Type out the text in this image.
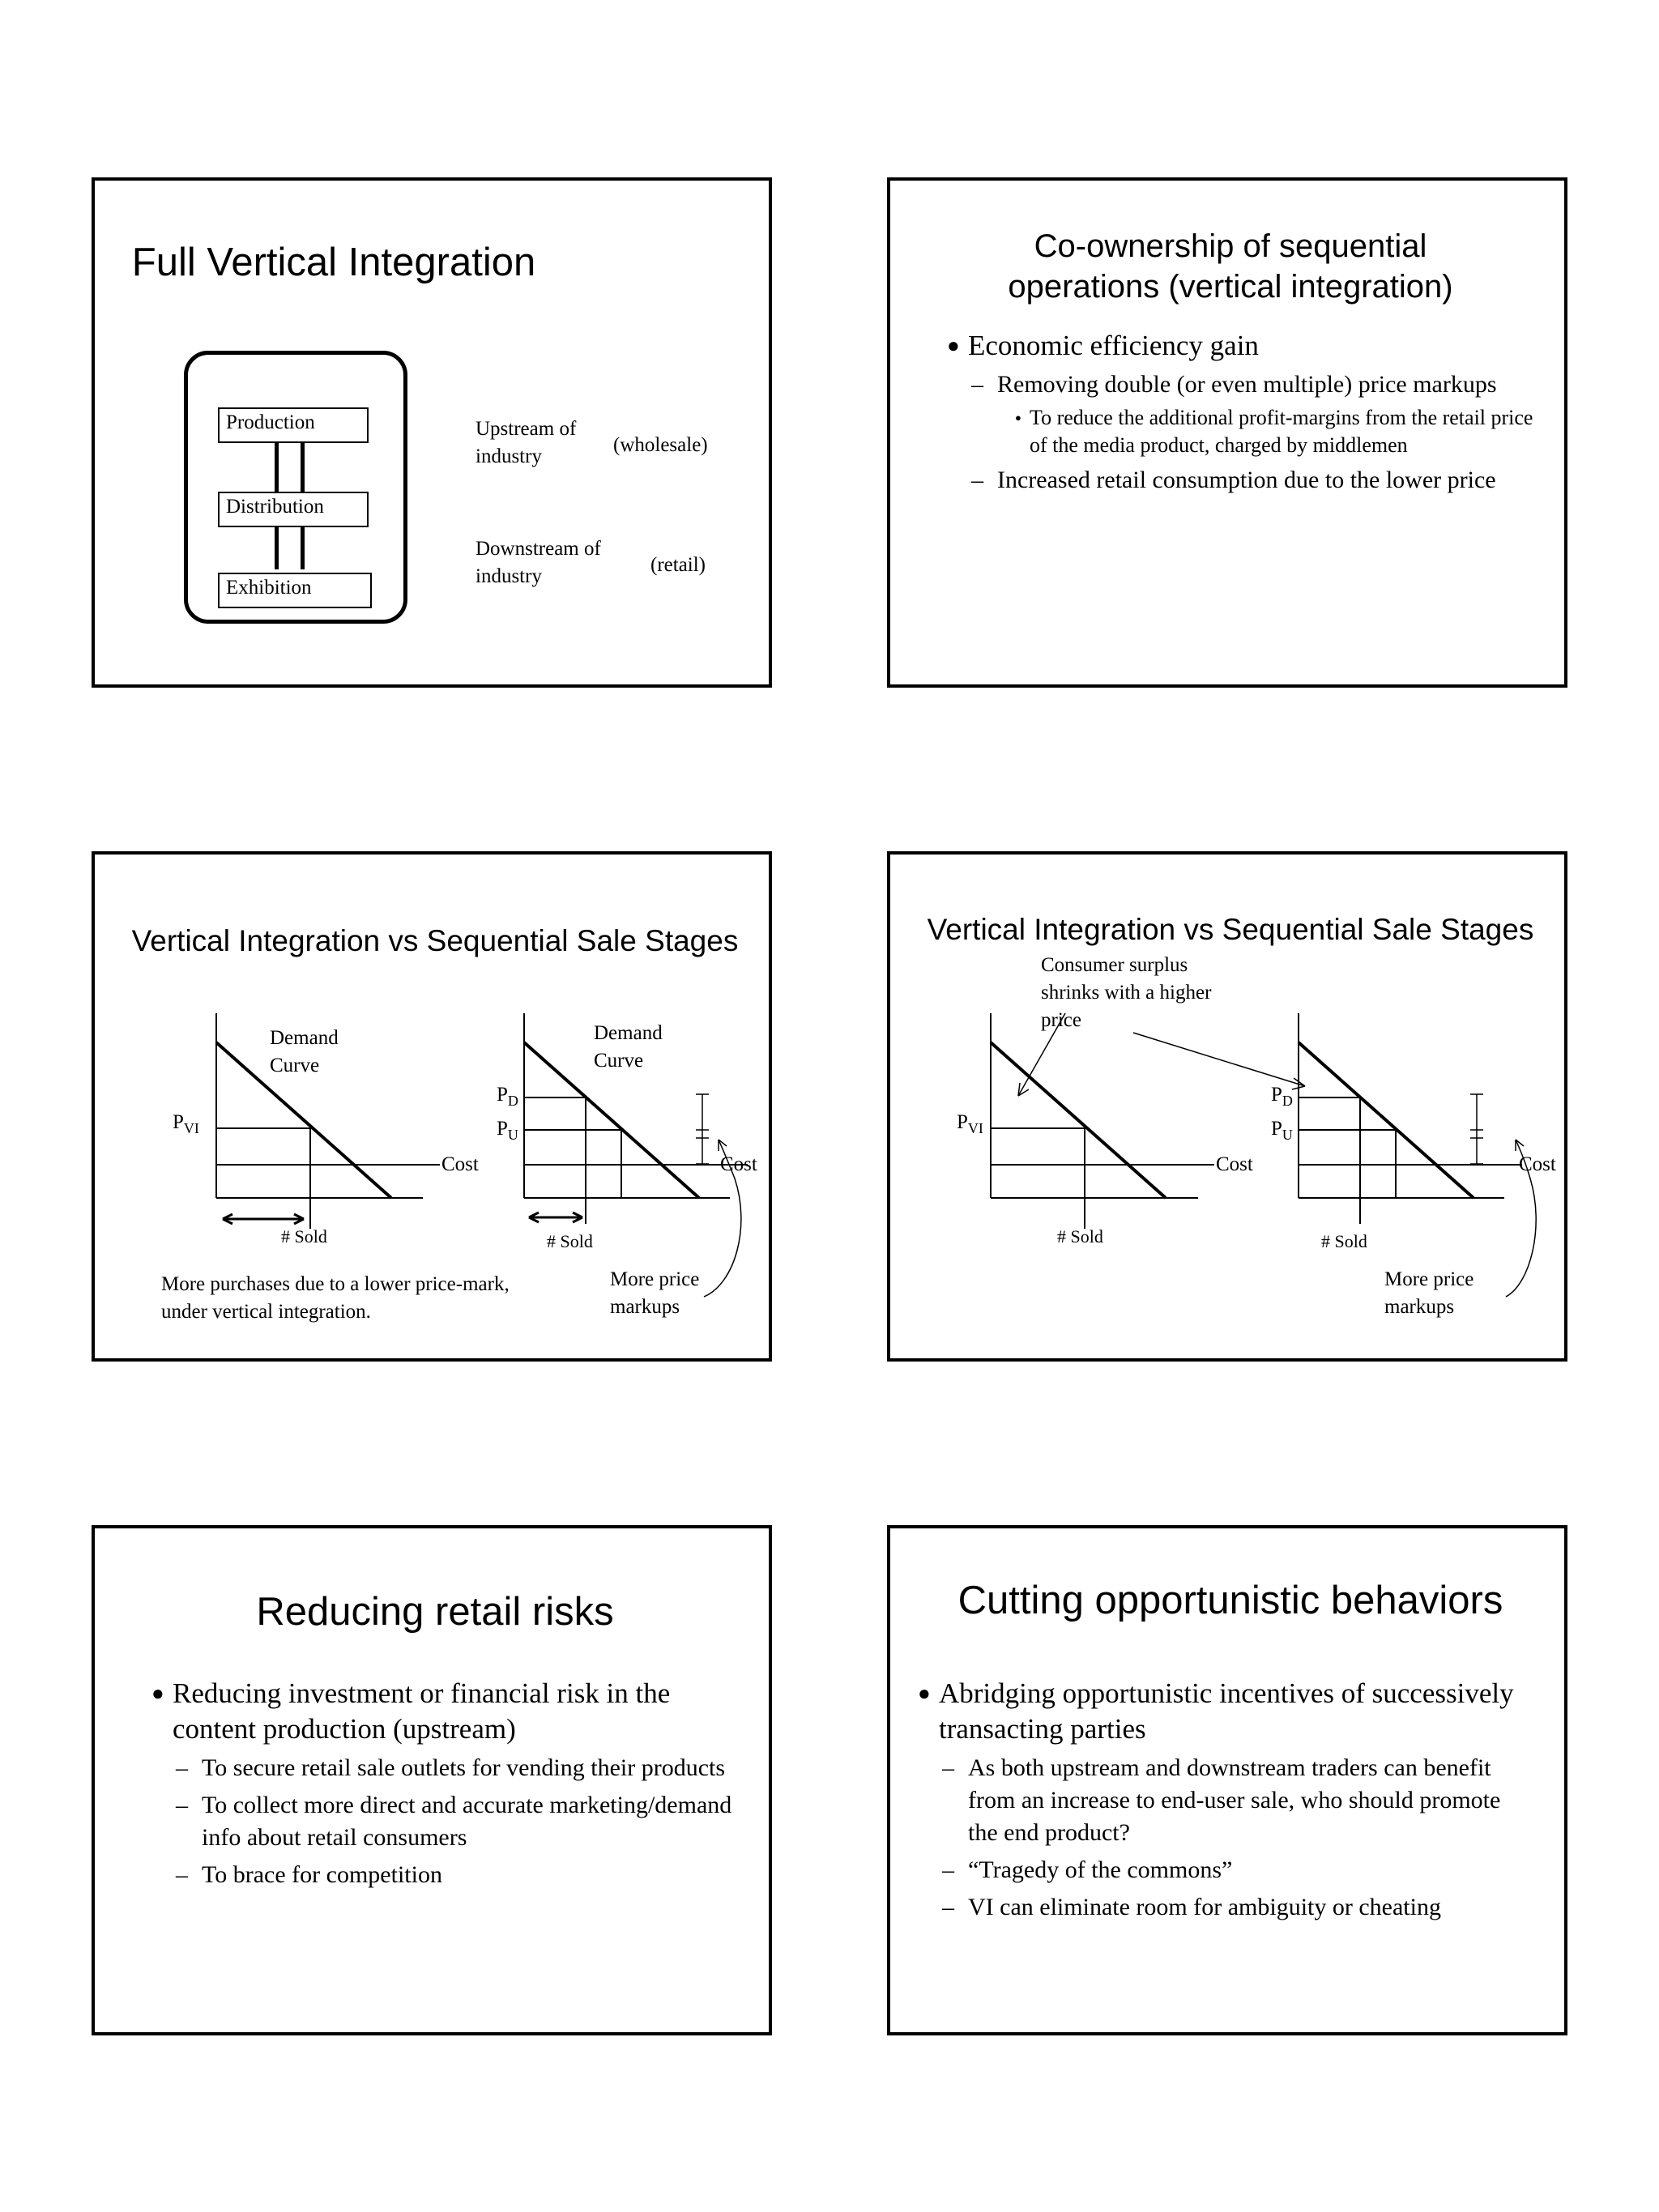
Full Vertical Integration
Production
Distribution
Exhibition
Upstream of industry
(wholesale)
Downstream of industry
(retail)
Co-ownership of sequential operations (vertical integration)
● Economic efficiency gain
– Removing double (or even multiple) price markups
● To reduce the additional profit-margins from the retail price of the media product, charged by middlemen
– Increased retail consumption due to the lower price
Vertical Integration vs Sequential Sale Stages
Demand Curve
Demand Curve
$P_{VI}$
$P_D$
$P_U$
Cost	Cost
# Sold	# Sold
More purchases due to a lower price-mark, under vertical integration.
More price markups
Vertical Integration vs Sequential Sale Stages
Consumer surplus shrinks with a higher price
$P_{VI}$
$P_D$
$P_U$
Cost	Cost
# Sold	# Sold
More price markups
Reducing retail risks
● Reducing investment or financial risk in the content production (upstream)
– To secure retail sale outlets for vending their products
– To collect more direct and accurate marketing/demand info about retail consumers
– To brace for competition
Cutting opportunistic behaviors
● Abridging opportunistic incentives of successively transacting parties
– As both upstream and downstream traders can benefit from an increase to end-user sale, who should promote the end product?
– “Tragedy of the commons”
– VI can eliminate room for ambiguity or cheating
